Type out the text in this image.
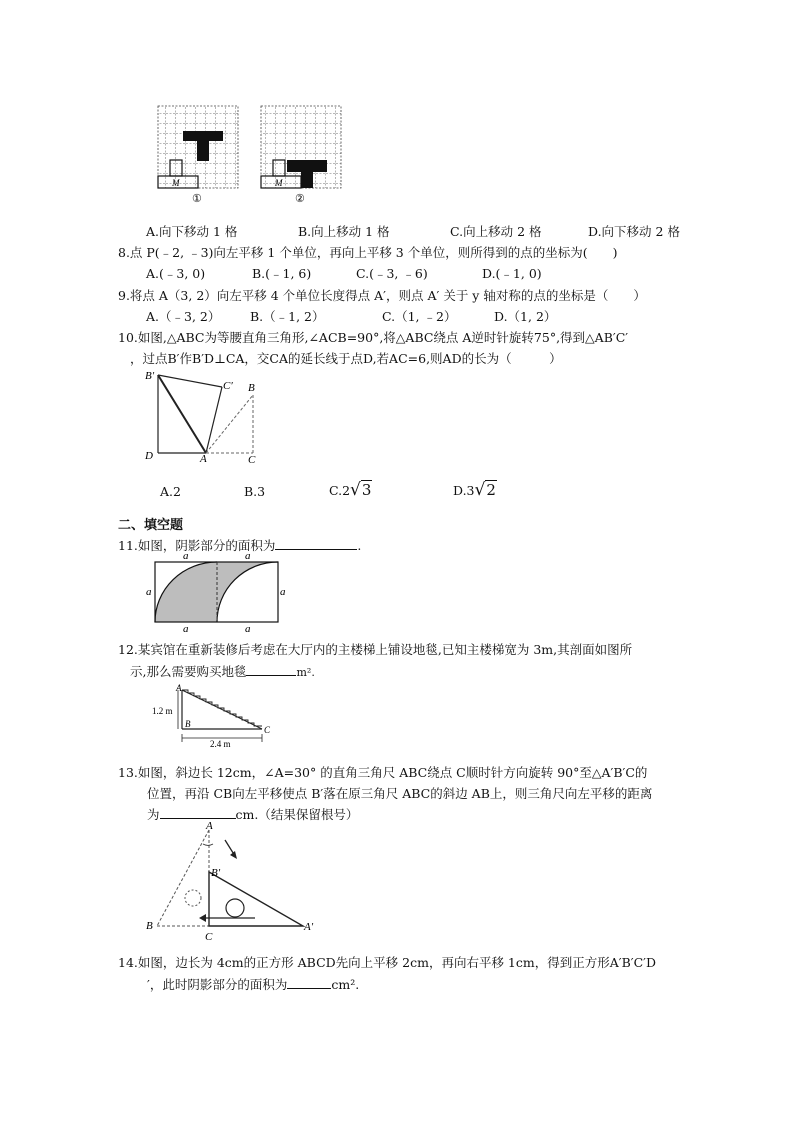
M
①
M
②
A.向下移动 1 格	B.向上移动 1 格	C.向上移动 2 格	D.向下移动 2 格
8.点 P(﹣2, ﹣3)向左平移 1 个单位，再向上平移 3 个单位，则所得到的点的坐标为(　　)
A.(﹣3, 0)	B.(﹣1, 6)	C.(﹣3, ﹣6)	D.(﹣1, 0)
9.将点 A（3, 2）向左平移 4 个单位长度得点 A′，则点 A′ 关于 y 轴对称的点的坐标是（　　）
A.（﹣3, 2） B.（﹣1, 2）	C.（1, ﹣2）	D.（1, 2）
10.如图,△ABC为等腰直角三角形,∠ACB=90°,将△ABC绕点 A逆时针旋转75°,得到△AB′C′
，过点B′作B′D⊥CA，交CA的延长线于点D,若AC=6,则AD的长为（　　　）
B′
C′ B
D	A	C
A.2	B.3	C.2√3	D.3√2
二、填空题
11.如图，阴影部分的面积为	.
a	a
a	a
a	a
12.某宾馆在重新装修后考虑在大厅内的主楼梯上铺设地毯,已知主楼梯宽为 3m,其剖面如图所
示,那么需要购买地毯	m².
A
B
C
1.2 m
2.4 m
13.如图，斜边长 12cm，∠A=30° 的直角三角尺 ABC绕点 C顺时针方向旋转 90°至△A′B′C的
位置，再沿 CB向左平移使点 B′落在原三角尺 ABC的斜边 AB上，则三角尺向左平移的距离
为	cm.（结果保留根号）
A
B′
B
C
A′
14.如图，边长为 4cm的正方形 ABCD先向上平移 2cm，再向右平移 1cm，得到正方形A′B′C′D
′，此时阴影部分的面积为	cm².
